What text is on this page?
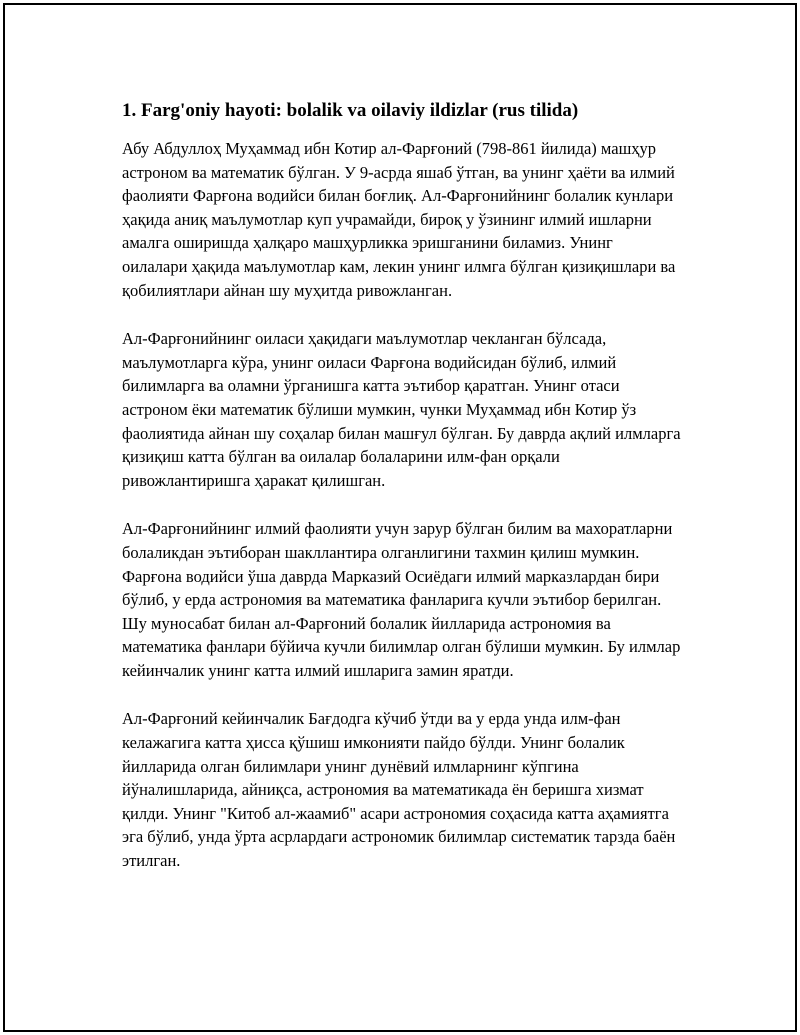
1. Farg'oniy hayoti: bolalik va oilaviy ildizlar (rus tilida)

Абу Абдуллоҳ Муҳаммад ибн Котир ал-Фарғоний (798-861 йилида) машҳур астроном ва математик бўлган. У 9-асрда яшаб ўтган, ва унинг ҳаёти ва илмий фаолияти Фарғона водийси билан боғлиқ. Ал-Фарғонийнинг болалик кунлари ҳақида аниқ маълумотлар куп учрамайди, бироқ у ўзининг илмий ишларни амалга оширишда ҳалқаро машҳурликка эришганини биламиз. Унинг оилалари ҳақида маълумотлар кам, лекин унинг илмга бўлган қизиқишлари ва қобилиятлари айнан шу муҳитда ривожланган.

Ал-Фарғонийнинг оиласи ҳақидаги маълумотлар чекланган бўлсада, маълумотларга кўра, унинг оиласи Фарғона водийсидан бўлиб, илмий билимларга ва оламни ўрганишга катта эътибор қаратган. Унинг отаси астроном ёки математик бўлиши мумкин, чунки Муҳаммад ибн Котир ўз фаолиятида айнан шу соҳалар билан машғул бўлган. Бу даврда ақлий илмларга қизиқиш катта бўлган ва оилалар болаларини илм-фан орқали ривожлантиришга ҳаракат қилишган.

Ал-Фарғонийнинг илмий фаолияти учун зарур бўлган билим ва махоратларни болаликдан эътиборан шакллантира олганлигини тахмин қилиш мумкин. Фарғона водийси ўша даврда Марказий Осиёдаги илмий марказлардан бири бўлиб, у ерда астрономия ва математика фанларига кучли эътибор берилган. Шу муносабат билан ал-Фарғоний болалик йилларида астрономия ва математика фанлари бўйича кучли билимлар олган бўлиши мумкин. Бу илмлар кейинчалик унинг катта илмий ишларига замин яратди.

Ал-Фарғоний кейинчалик Бағдодга кўчиб ўтди ва у ерда унда илм-фан келажагига катта ҳисса қўшиш имконияти пайдо бўлди. Унинг болалик йилларида олган билимлари унинг дунёвий илмларнинг кўпгина йўналишларида, айниқса, астрономия ва математикада ён беришга хизмат қилди. Унинг "Китоб ал-жаамиб" асари астрономия соҳасида катта аҳамиятга эга бўлиб, унда ўрта асрлардаги астрономик билимлар систематик тарзда баён этилган.
